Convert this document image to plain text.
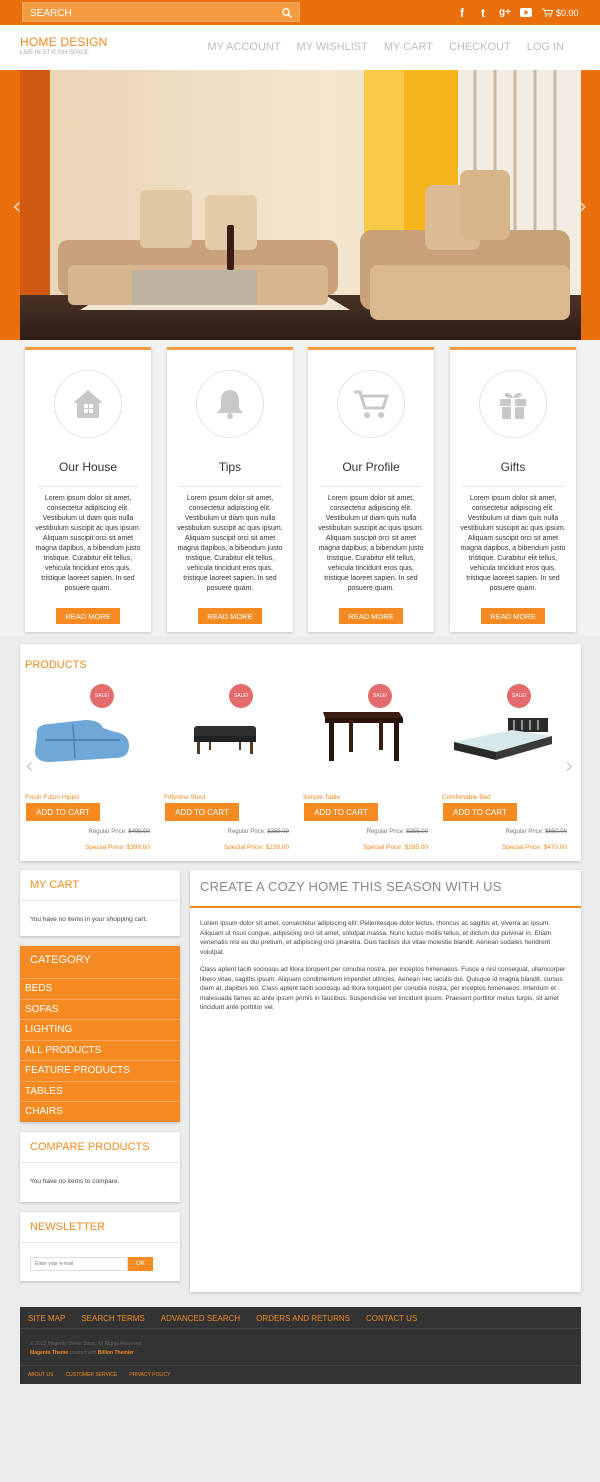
SEARCH
f	t	g+	$0.00
HOME DESIGN
LIVE IN STYLISH SPACE	MY ACCOUNT MY WISHLIST MY CART CHECKOUT LOG IN
‹	›
Our House
Lorem ipsum dolor sit amet, consectetur adipiscing elit. Vestibulum ut diam quis nulla vestibulum suscipit ac quis ipsum. Aliquam suscipit orci sit amet magna dapibus, a bibendum justo tristique. Curabitur elit tellus, vehicula tincidunt eros quis, tristique laoreet sapien. In sed posuere quam.
READ MORE
Tips
Lorem ipsum dolor sit amet, consectetur adipiscing elit. Vestibulum ut diam quis nulla vestibulum suscipit ac quis ipsum. Aliquam suscipit orci sit amet magna dapibus, a bibendum justo tristique. Curabitur elit tellus, vehicula tincidunt eros quis, tristique laoreet sapien. In sed posuere quam.
READ MORE
Our Profile
Lorem ipsum dolor sit amet, consectetur adipiscing elit. Vestibulum ut diam quis nulla vestibulum suscipit ac quis ipsum. Aliquam suscipit orci sit amet magna dapibus, a bibendum justo tristique. Curabitur elit tellus, vehicula tincidunt eros quis, tristique laoreet sapien. In sed posuere quam.
READ MORE
Gifts
Lorem ipsum dolor sit amet, consectetur adipiscing elit. Vestibulum ut diam quis nulla vestibulum suscipit ac quis ipsum. Aliquam suscipit orci sit amet magna dapibus, a bibendum justo tristique. Curabitur elit tellus, vehicula tincidunt eros quis, tristique laoreet sapien. In sed posuere quam.
READ MORE
PRODUCTS
‹	›
SALE!
Fresh Futon Hippo
ADD TO CART
Regular Price: $499.00
Special Price: $399.00
SALE!
Fiffynine Stool
ADD TO CART
Regular Price: $359.00
Special Price: $239.00
SALE!
Simple Table
ADD TO CART
Regular Price: $355.00
Special Price: $285.00
SALE!
Comfortable Bed
ADD TO CART
Regular Price: $650.00
Special Price: $470.00
MY CART
You have no items in your shopping cart.
CATEGORY
BEDS
SOFAS
LIGHTING
ALL PRODUCTS
FEATURE PRODUCTS
TABLES
CHAIRS
COMPARE PRODUCTS
You have no items to compare.
NEWSLETTER
Enter your e-mail
OK
CREATE A COZY HOME THIS SEASON WITH US
Lorem ipsum dolor sit amet, consectetur adipiscing elit. Pellentesque dolor lectus, rhoncus ac sagittis et, viverra ac ipsum. Aliquam ut risus congue, adipiscing orci sit amet, volutpat massa. Nunc luctus mollis tellus, et dictum dui pulvinar in. Etiam venenatis nisi eu dui pretium, et adipiscing orci pharetra. Duis facilisis dui vitae molestie blandit. Aenean sodales hendrerit volutpat.
Class aptent taciti sociosqu ad litora torquent per conubia nostra, per inceptos himenaeos. Fusce a nisl consequat, ullamcorper libero vitae, sagittis ipsum. Aliquam condimentum imperdiet ultricies. Aenean nec iaculis dui. Quisque id magna blandit, cursus diam at, dapibus leo. Class aptent taciti sociosqu ad litora torquent per conubia nostra, per inceptos himenaeos. Interdum et malesuada fames ac ante ipsum primis in faucibus. Suspendisse vel tincidunt ipsum. Praesent porttitor metus turpis, sit amet tincidunt ante porttitor vel.
SITE MAP SEARCH TERMS ADVANCED SEARCH ORDERS AND RETURNS CONTACT US
© 2013 Magento Demo Store. All Rights Reserved.
Magento Theme created with Billion Themler
ABOUT US CUSTOMER SERVICE PRIVACY POLICY
